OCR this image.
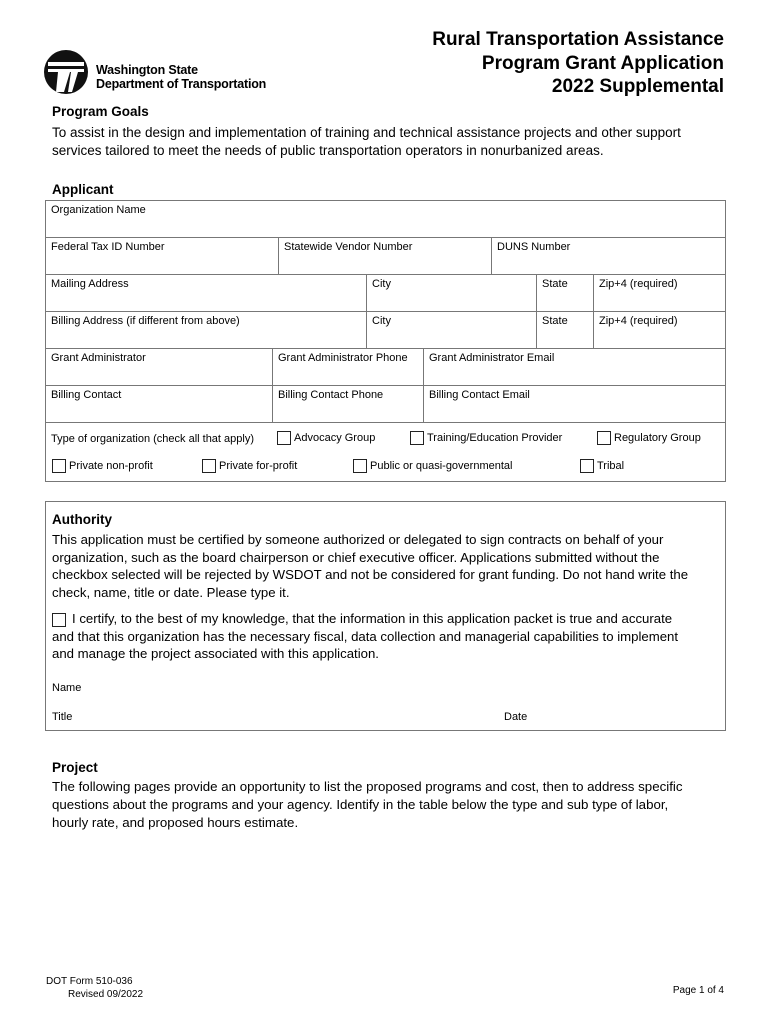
Washington State
Department of Transportation
Rural Transportation Assistance
Program Grant Application
2022 Supplemental
Program Goals
To assist in the design and implementation of training and technical assistance projects and other support
services tailored to meet the needs of public transportation operators in nonurbanized areas.
Applicant
Organization Name
Federal Tax ID Number	Statewide Vendor Number	DUNS Number
Mailing Address	City	State	Zip+4 (required)
Billing Address (if different from above)	City	State	Zip+4 (required)
Grant Administrator	Grant Administrator Phone	Grant Administrator Email
Billing Contact	Billing Contact Phone	Billing Contact Email
Type of organization (check all that apply)	Advocacy Group	Training/Education Provider	Regulatory Group
Private non-profit	Private for-profit	Public or quasi-governmental	Tribal
Authority
This application must be certified by someone authorized or delegated to sign contracts on behalf of your
organization, such as the board chairperson or chief executive officer. Applications submitted without the
checkbox selected will be rejected by WSDOT and not be considered for grant funding. Do not hand write the
check, name, title or date. Please type it.
I certify, to the best of my knowledge, that the information in this application packet is true and accurate
and that this organization has the necessary fiscal, data collection and managerial capabilities to implement
and manage the project associated with this application.
Name
Title	Date
Project
The following pages provide an opportunity to list the proposed programs and cost, then to address specific
questions about the programs and your agency. Identify in the table below the type and sub type of labor,
hourly rate, and proposed hours estimate.
DOT Form 510-036
Revised 09/2022	Page 1 of 4
